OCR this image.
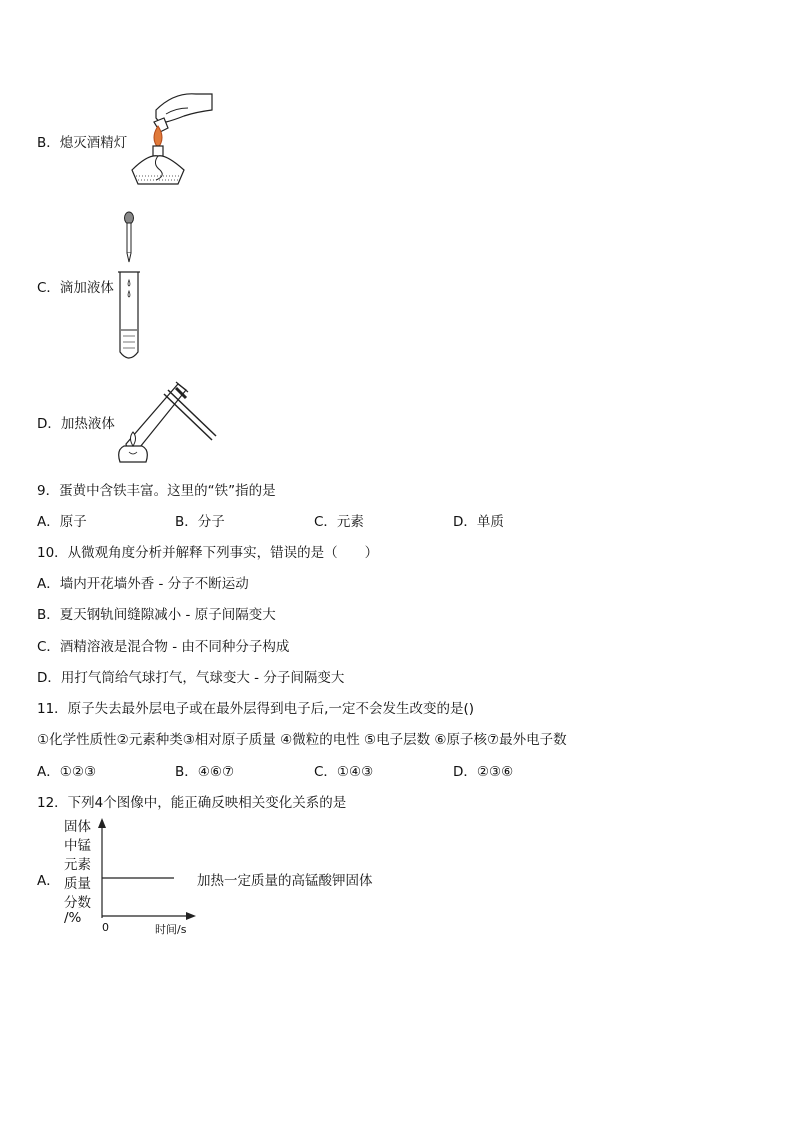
B．熄灭酒精灯
C．滴加液体
D．加热液体
9．蛋黄中含铁丰富。这里的“铁”指的是
A．原子	B．分子	C．元素	D．单质
10．从微观角度分析并解释下列事实，错误的是（　　）
A．墙内开花墙外香 - 分子不断运动
B．夏天钢轨间缝隙减小 - 原子间隔变大
C．酒精溶液是混合物 - 由不同种分子构成
D．用打气筒给气球打气，气球变大 - 分子间隔变大
11．原子失去最外层电子或在最外层得到电子后,一定不会发生改变的是()
①化学性质性②元素种类③相对原子质量 ④微粒的电性 ⑤电子层数 ⑥原子核⑦最外电子数
A．①②③	B．④⑥⑦	C．①④③	D．②③⑥
12．下列4个图像中，能正确反映相关变化关系的是
A．
固体
中锰
元素
质量
分数
/%
0	时间/s
加热一定质量的高锰酸钾固体
